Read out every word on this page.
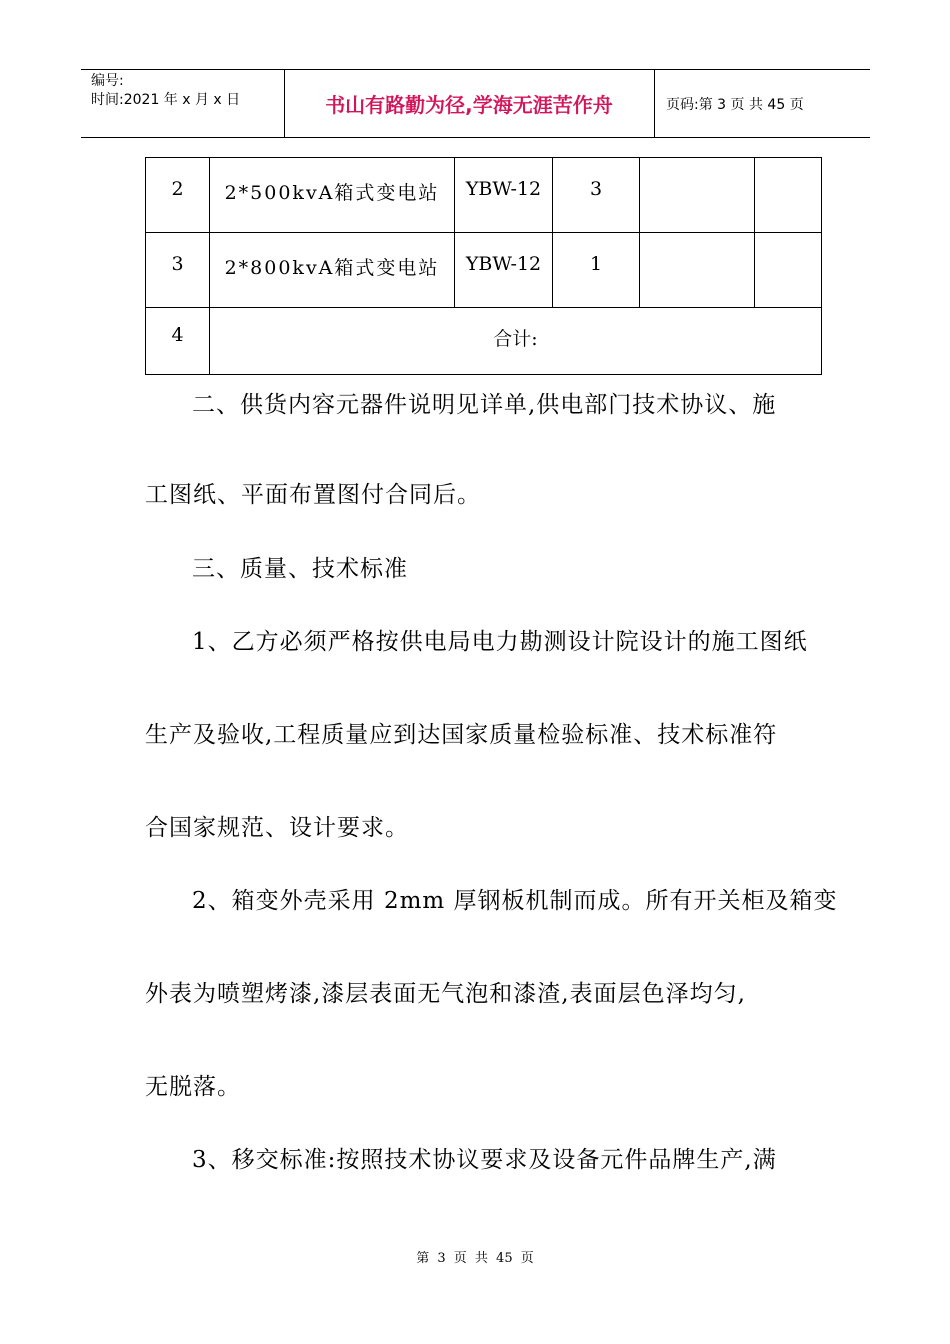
编号:
时间:2021 年 x 月 x 日	书山有路勤为径,学海无涯苦作舟	页码:第 3 页 共 45 页
2	2*500kvA箱式变电站	YBW-12	3		

3	2*800kvA箱式变电站	YBW-12	1		

4	合计:				
二、供货内容元器件说明见详单,供电部门技术协议、施
工图纸、平面布置图付合同后。
三、质量、技术标准
1、乙方必须严格按供电局电力勘测设计院设计的施工图纸
生产及验收,工程质量应到达国家质量检验标准、技术标准符
合国家规范、设计要求。
2、箱变外壳采用 2mm 厚钢板机制而成。所有开关柜及箱变
外表为喷塑烤漆,漆层表面无气泡和漆渣,表面层色泽均匀,
无脱落。
3、移交标准:按照技术协议要求及设备元件品牌生产,满
第 3 页 共 45 页
